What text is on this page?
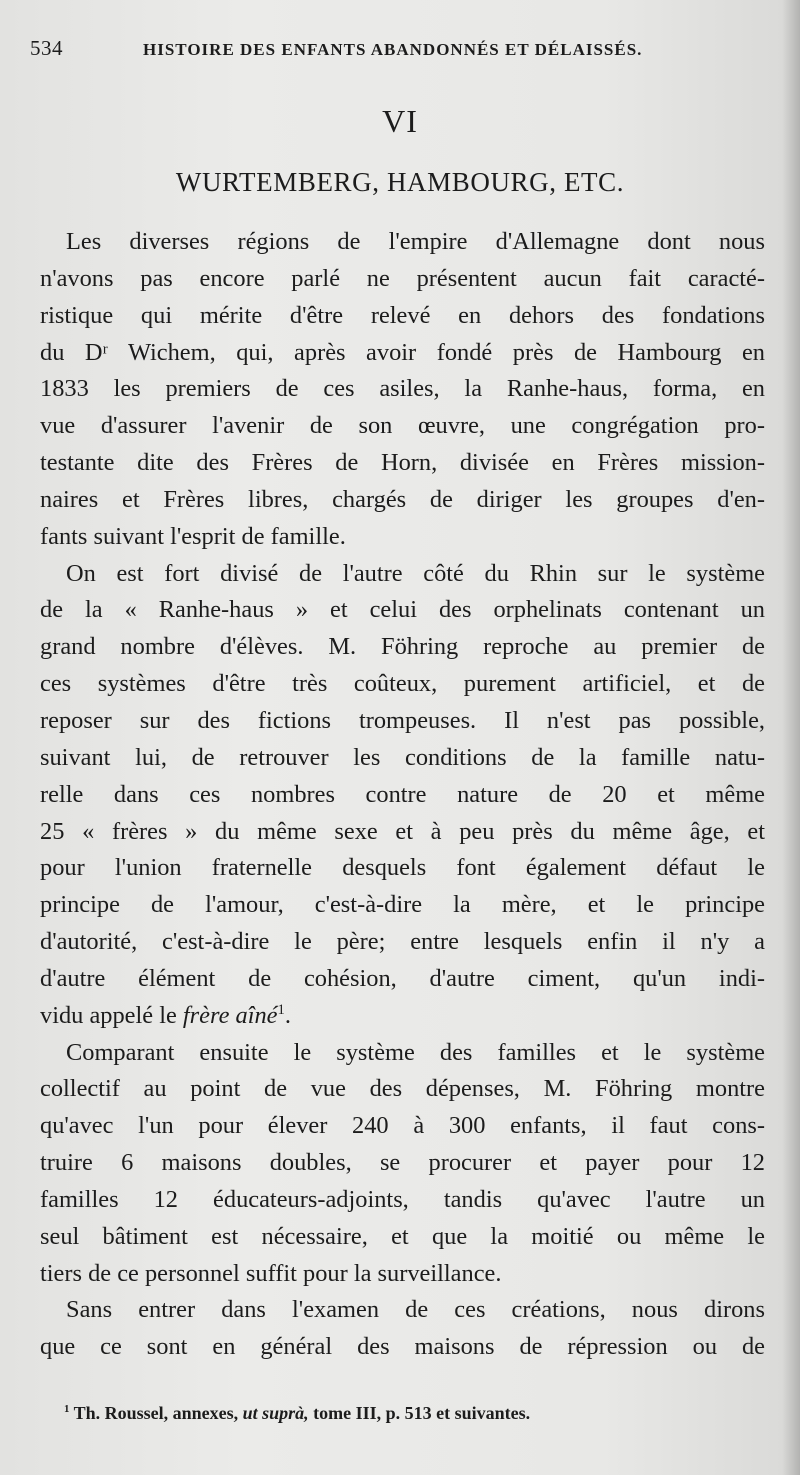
534	HISTOIRE DES ENFANTS ABANDONNÉS ET DÉLAISSÉS.
VI
WURTEMBERG, HAMBOURG, ETC.
Les diverses régions de l'empire d'Allemagne dont nous
n'avons pas encore parlé ne présentent aucun fait caracté-
ristique qui mérite d'être relevé en dehors des fondations
du Dʳ Wichem, qui, après avoir fondé près de Hambourg en
1833 les premiers de ces asiles, la Ranhe-haus, forma, en
vue d'assurer l'avenir de son œuvre, une congrégation pro-
testante dite des Frères de Horn, divisée en Frères mission-
naires et Frères libres, chargés de diriger les groupes d'en-
fants suivant l'esprit de famille.
On est fort divisé de l'autre côté du Rhin sur le système
de la « Ranhe-haus » et celui des orphelinats contenant un
grand nombre d'élèves. M. Föhring reproche au premier de
ces systèmes d'être très coûteux, purement artificiel, et de
reposer sur des fictions trompeuses. Il n'est pas possible,
suivant lui, de retrouver les conditions de la famille natu-
relle dans ces nombres contre nature de 20 et même
25 « frères » du même sexe et à peu près du même âge, et
pour l'union fraternelle desquels font également défaut le
principe de l'amour, c'est-à-dire la mère, et le principe
d'autorité, c'est-à-dire le père; entre lesquels enfin il n'y a
d'autre élément de cohésion, d'autre ciment, qu'un indi-
vidu appelé le frère aîné$^1$.
Comparant ensuite le système des familles et le système
collectif au point de vue des dépenses, M. Föhring montre
qu'avec l'un pour élever 240 à 300 enfants, il faut cons-
truire 6 maisons doubles, se procurer et payer pour 12
familles 12 éducateurs-adjoints, tandis qu'avec l'autre un
seul bâtiment est nécessaire, et que la moitié ou même le
tiers de ce personnel suffit pour la surveillance.
Sans entrer dans l'examen de ces créations, nous dirons
que ce sont en général des maisons de répression ou de
$^1$ Th. Roussel, annexes, ut suprà, tome III, p. 513 et suivantes.
